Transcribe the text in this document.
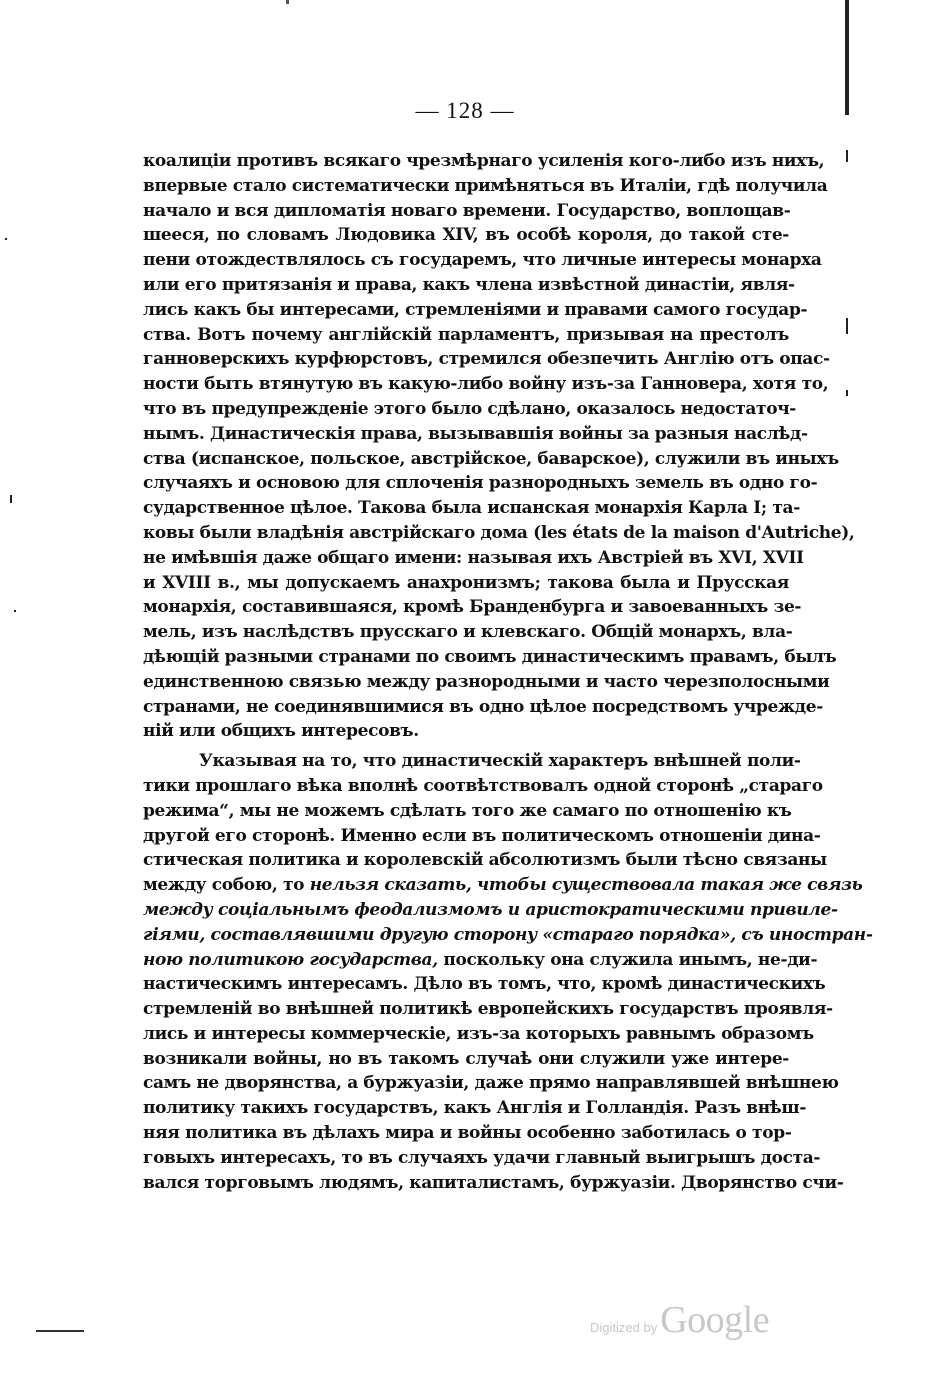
— 128 —
коалиціи противъ всякаго чрезмѣрнаго усиленія кого-либо изъ нихъ,
впервые стало систематически примѣняться въ Италіи, гдѣ получила
начало и вся дипломатія новаго времени. Государство, воплощав-
шееся, по словамъ Людовика XIV, въ особѣ короля, до такой сте-
пени отождествлялось съ государемъ, что личные интересы монарха
или его притязанія и права, какъ члена извѣстной династіи, явля-
лись какъ бы интересами, стремленіями и правами самого государ-
ства. Вотъ почему англійскій парламентъ, призывая на престолъ
ганноверскихъ курфюрстовъ, стремился обезпечить Англію отъ опас-
ности быть втянутую въ какую-либо войну изъ-за Ганновера, хотя то,
что въ предупрежденіе этого было сдѣлано, оказалось недостаточ-
нымъ. Династическія права, вызывавшія войны за разныя наслѣд-
ства (испанское, польское, австрійское, баварское), служили въ иныхъ
случаяхъ и основою для сплоченія разнородныхъ земель въ одно го-
сударственное цѣлое. Такова была испанская монархія Карла I; та-
ковы были владѣнія австрійскаго дома (les états de la maison d'Autriche),
не имѣвшія даже общаго имени: называя ихъ Австріей въ XVI, XVII
и XVIII в., мы допускаемъ анахронизмъ; такова была и Прусская
монархія, составившаяся, кромѣ Бранденбурга и завоеванныхъ зе-
мель, изъ наслѣдствъ прусскаго и клевскаго. Общій монархъ, вла-
дѣющій разными странами по своимъ династическимъ правамъ, былъ
единственною связью между разнородными и часто черезполосными
странами, не соединявшимися въ одно цѣлое посредствомъ учрежде-
ній или общихъ интересовъ.
Указывая на то, что династическій характеръ внѣшней поли-
тики прошлаго вѣка вполнѣ соотвѣтствовалъ одной сторонѣ „стараго
режима“, мы не можемъ сдѣлать того же самаго по отношенію къ
другой его сторонѣ. Именно если въ политическомъ отношеніи дина-
стическая политика и королевскій абсолютизмъ были тѣсно связаны
между собою, то нельзя сказать, чтобы существовала такая же связь
между соціальнымъ феодализмомъ и аристократическими привиле-
гіями, составлявшими другую сторону «стараго порядка», съ иностран-
ною политикою государства, поскольку она служила инымъ, не-ди-
настическимъ интересамъ. Дѣло въ томъ, что, кромѣ династическихъ
стремленій во внѣшней политикѣ европейскихъ государствъ проявля-
лись и интересы коммерческіе, изъ-за которыхъ равнымъ образомъ
возникали войны, но въ такомъ случаѣ они служили уже интере-
самъ не дворянства, а буржуазіи, даже прямо направлявшей внѣшнею
политику такихъ государствъ, какъ Англія и Голландія. Разъ внѣш-
няя политика въ дѣлахъ мира и войны особенно заботилась о тор-
говыхъ интересахъ, то въ случаяхъ удачи главный выигрышъ доста-
вался торговымъ людямъ, капиталистамъ, буржуазіи. Дворянство счи-
Digitized by Google
